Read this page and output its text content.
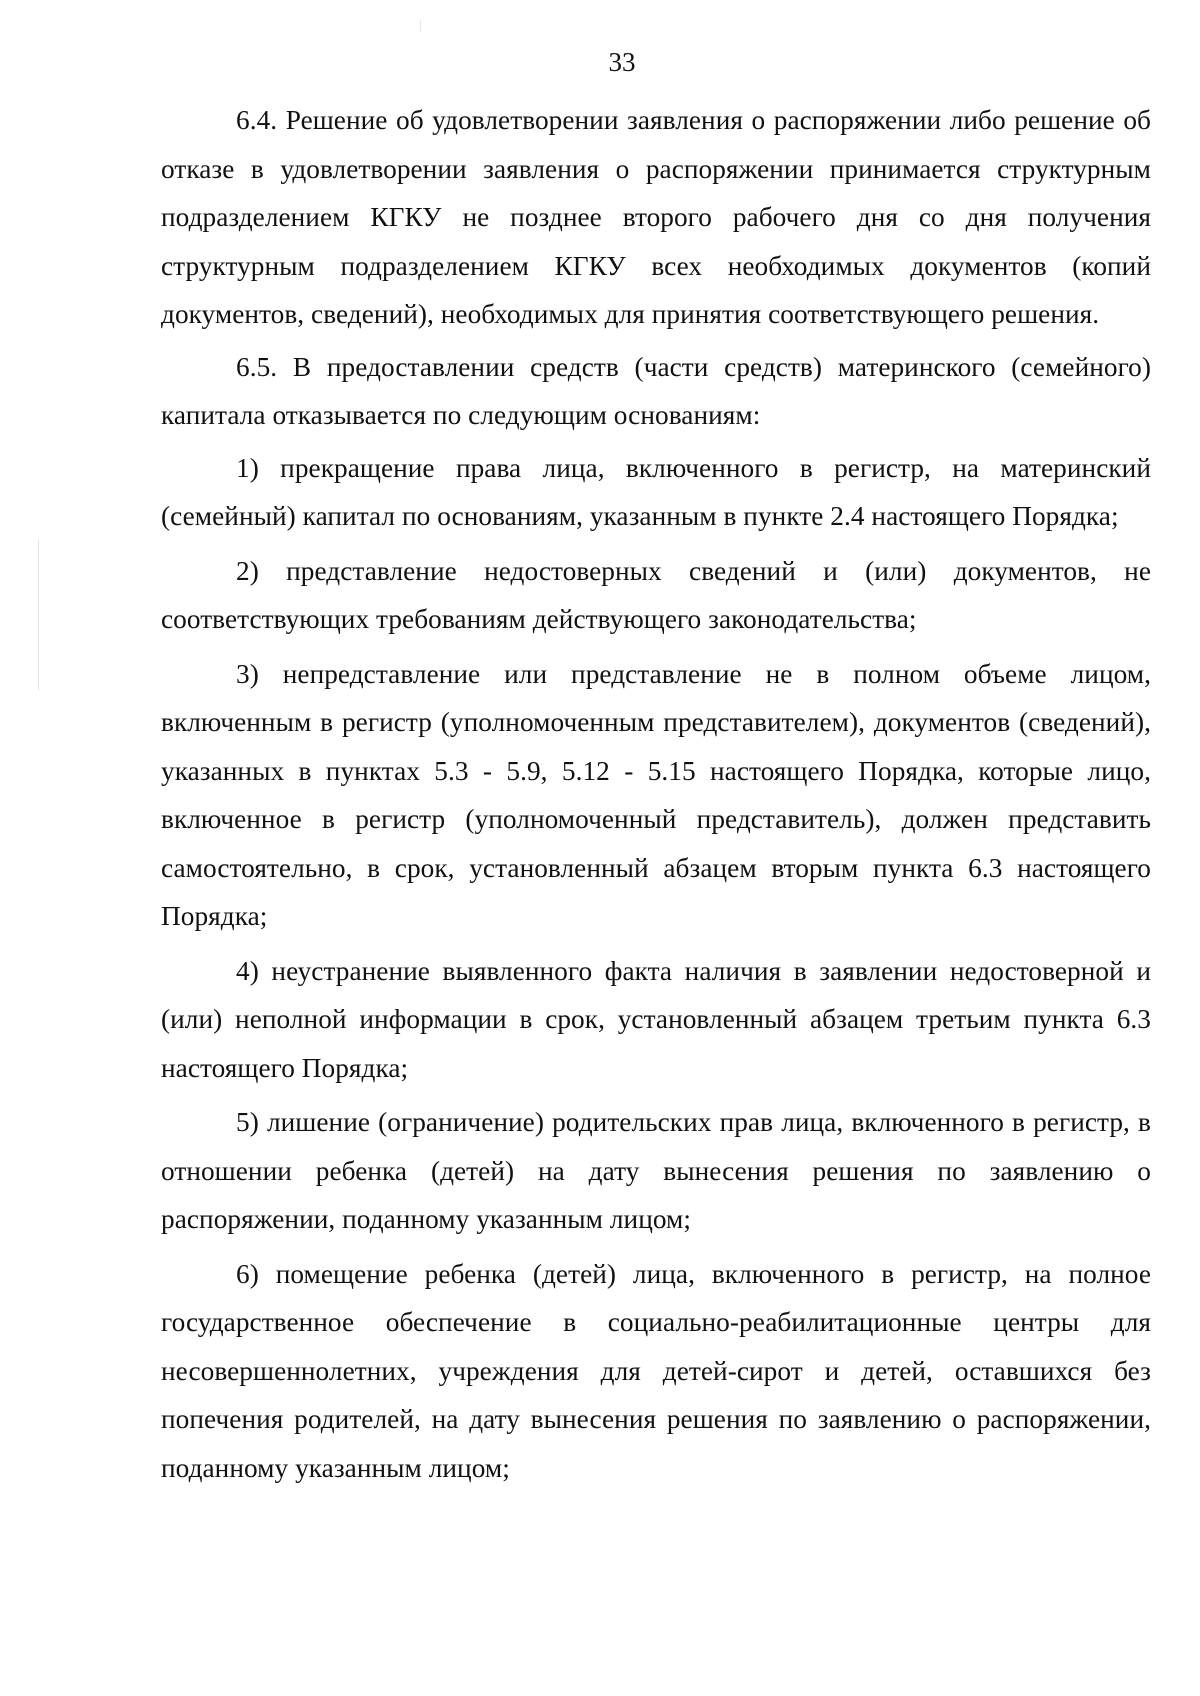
33

6.4. Решение об удовлетворении заявления о распоряжении либо решение об отказе в удовлетворении заявления о распоряжении принимается структурным подразделением КГКУ не позднее второго рабочего дня со дня получения структурным подразделением КГКУ всех необходимых документов (копий документов, сведений), необходимых для принятия соответствующего решения.

6.5. В предоставлении средств (части средств) материнского (семейного) капитала отказывается по следующим основаниям:

1) прекращение права лица, включенного в регистр, на материнский (семейный) капитал по основаниям, указанным в пункте 2.4 настоящего Порядка;

2) представление недостоверных сведений и (или) документов, не соответствующих требованиям действующего законодательства;

3) непредставление или представление не в полном объеме лицом, включенным в регистр (уполномоченным представителем), документов (сведений), указанных в пунктах 5.3 - 5.9, 5.12 - 5.15 настоящего Порядка, которые лицо, включенное в регистр (уполномоченный представитель), должен представить самостоятельно, в срок, установленный абзацем вторым пункта 6.3 настоящего Порядка;

4) неустранение выявленного факта наличия в заявлении недостоверной и (или) неполной информации в срок, установленный абзацем третьим пункта 6.3 настоящего Порядка;

5) лишение (ограничение) родительских прав лица, включенного в регистр, в отношении ребенка (детей) на дату вынесения решения по заявлению о распоряжении, поданному указанным лицом;

6) помещение ребенка (детей) лица, включенного в регистр, на полное государственное обеспечение в социально-реабилитационные центры для несовершеннолетних, учреждения для детей-сирот и детей, оставшихся без попечения родителей, на дату вынесения решения по заявлению о распоряжении, поданному указанным лицом;
